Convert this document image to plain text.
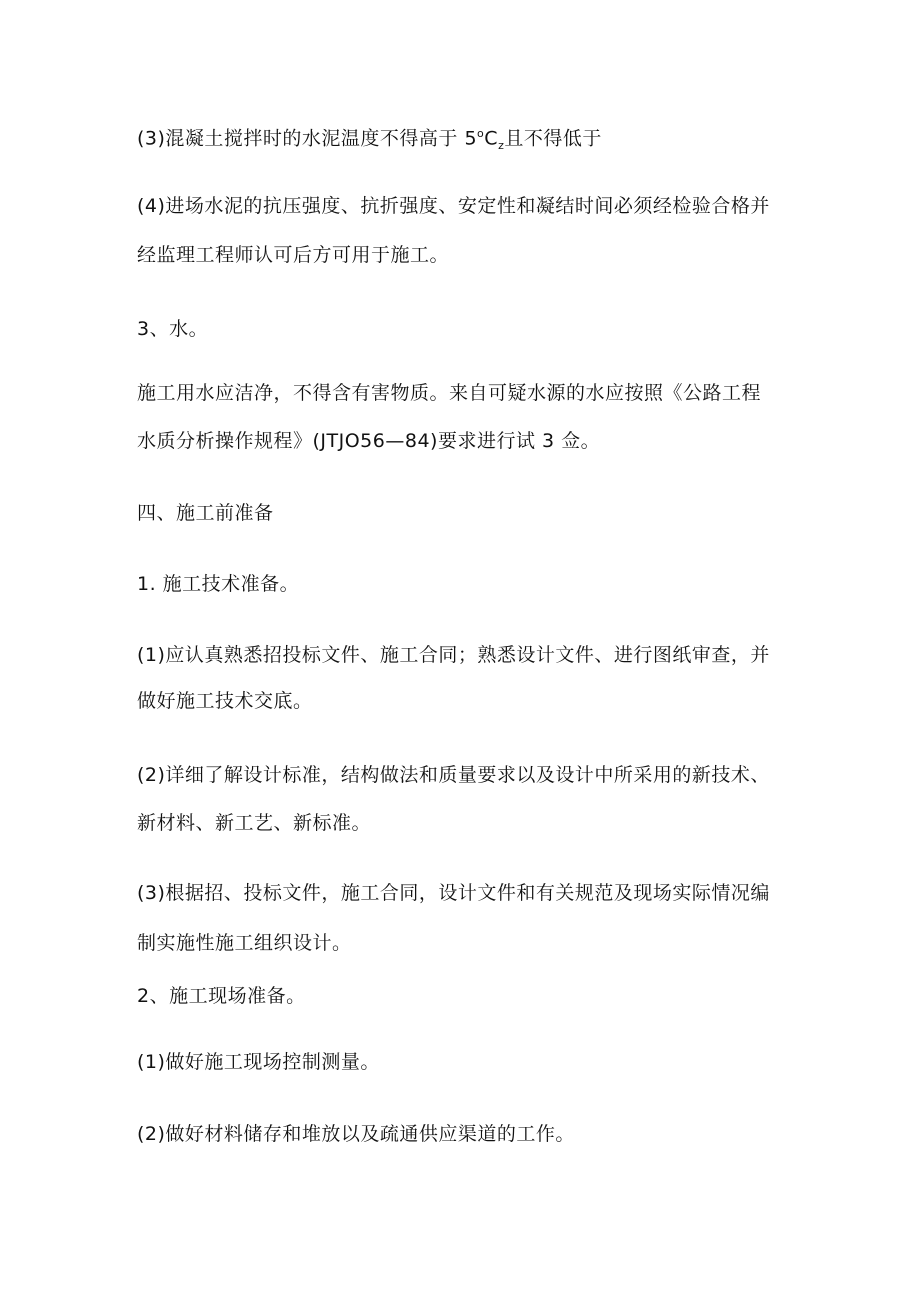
(3)混凝土搅拌时的水泥温度不得高于 $5^oC_z$且不得低于
(4)进场水泥的抗压强度、抗折强度、安定性和凝结时间必须经检验合格并
经监理工程师认可后方可用于施工。
3、水。
施工用水应洁净，不得含有害物质。来自可疑水源的水应按照《公路工程
水质分析操作规程》(JTJO56—84)要求进行试 3 佥。
四、施工前准备
1. 施工技术准备。
(1)应认真熟悉招投标文件、施工合同；熟悉设计文件、进行图纸审查，并
做好施工技术交底。
(2)详细了解设计标准，结构做法和质量要求以及设计中所采用的新技术、
新材料、新工艺、新标准。
(3)根据招、投标文件，施工合同，设计文件和有关规范及现场实际情况编
制实施性施工组织设计。
2、施工现场准备。
(1)做好施工现场控制测量。
(2)做好材料储存和堆放以及疏通供应渠道的工作。
